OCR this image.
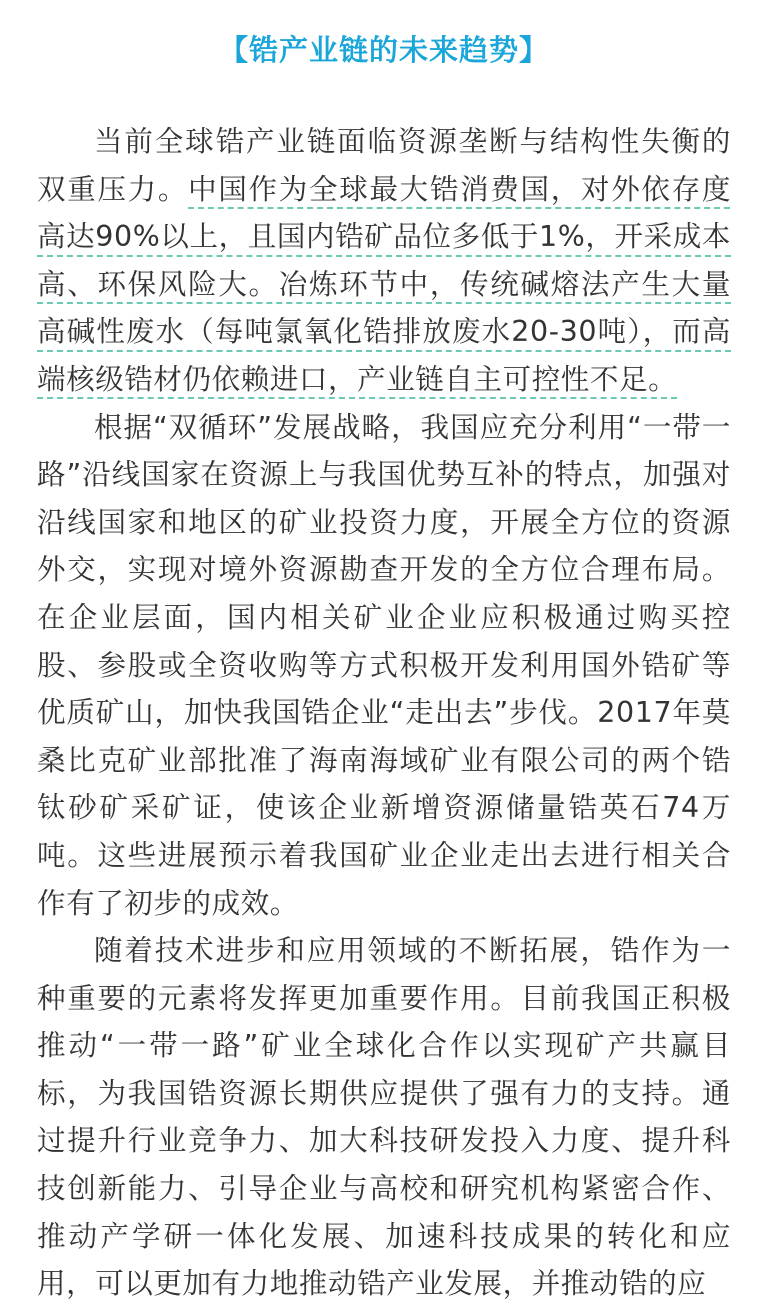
【锆产业链的未来趋势】

当前全球锆产业链面临资源垄断与结构性失衡的双重压力。中国作为全球最大锆消费国，对外依存度高达90%以上，且国内锆矿品位多低于1%，开采成本高、环保风险大。冶炼环节中，传统碱熔法产生大量高碱性废水（每吨氯氧化锆排放废水20-30吨），而高端核级锆材仍依赖进口，产业链自主可控性不足。

根据“双循环”发展战略，我国应充分利用“一带一路”沿线国家在资源上与我国优势互补的特点，加强对沿线国家和地区的矿业投资力度，开展全方位的资源外交，实现对境外资源勘查开发的全方位合理布局。在企业层面，国内相关矿业企业应积极通过购买控股、参股或全资收购等方式积极开发利用国外锆矿等优质矿山，加快我国锆企业“走出去”步伐。2017年莫桑比克矿业部批准了海南海域矿业有限公司的两个锆钛砂矿采矿证，使该企业新增资源储量锆英石74万吨。这些进展预示着我国矿业企业走出去进行相关合作有了初步的成效。

随着技术进步和应用领域的不断拓展，锆作为一种重要的元素将发挥更加重要作用。目前我国正积极推动“一带一路”矿业全球化合作以实现矿产共赢目标，为我国锆资源长期供应提供了强有力的支持。通过提升行业竞争力、加大科技研发投入力度、提升科技创新能力、引导企业与高校和研究机构紧密合作、推动产学研一体化发展、加速科技成果的转化和应用，可以更加有力地推动锆产业发展，并推动锆的应
